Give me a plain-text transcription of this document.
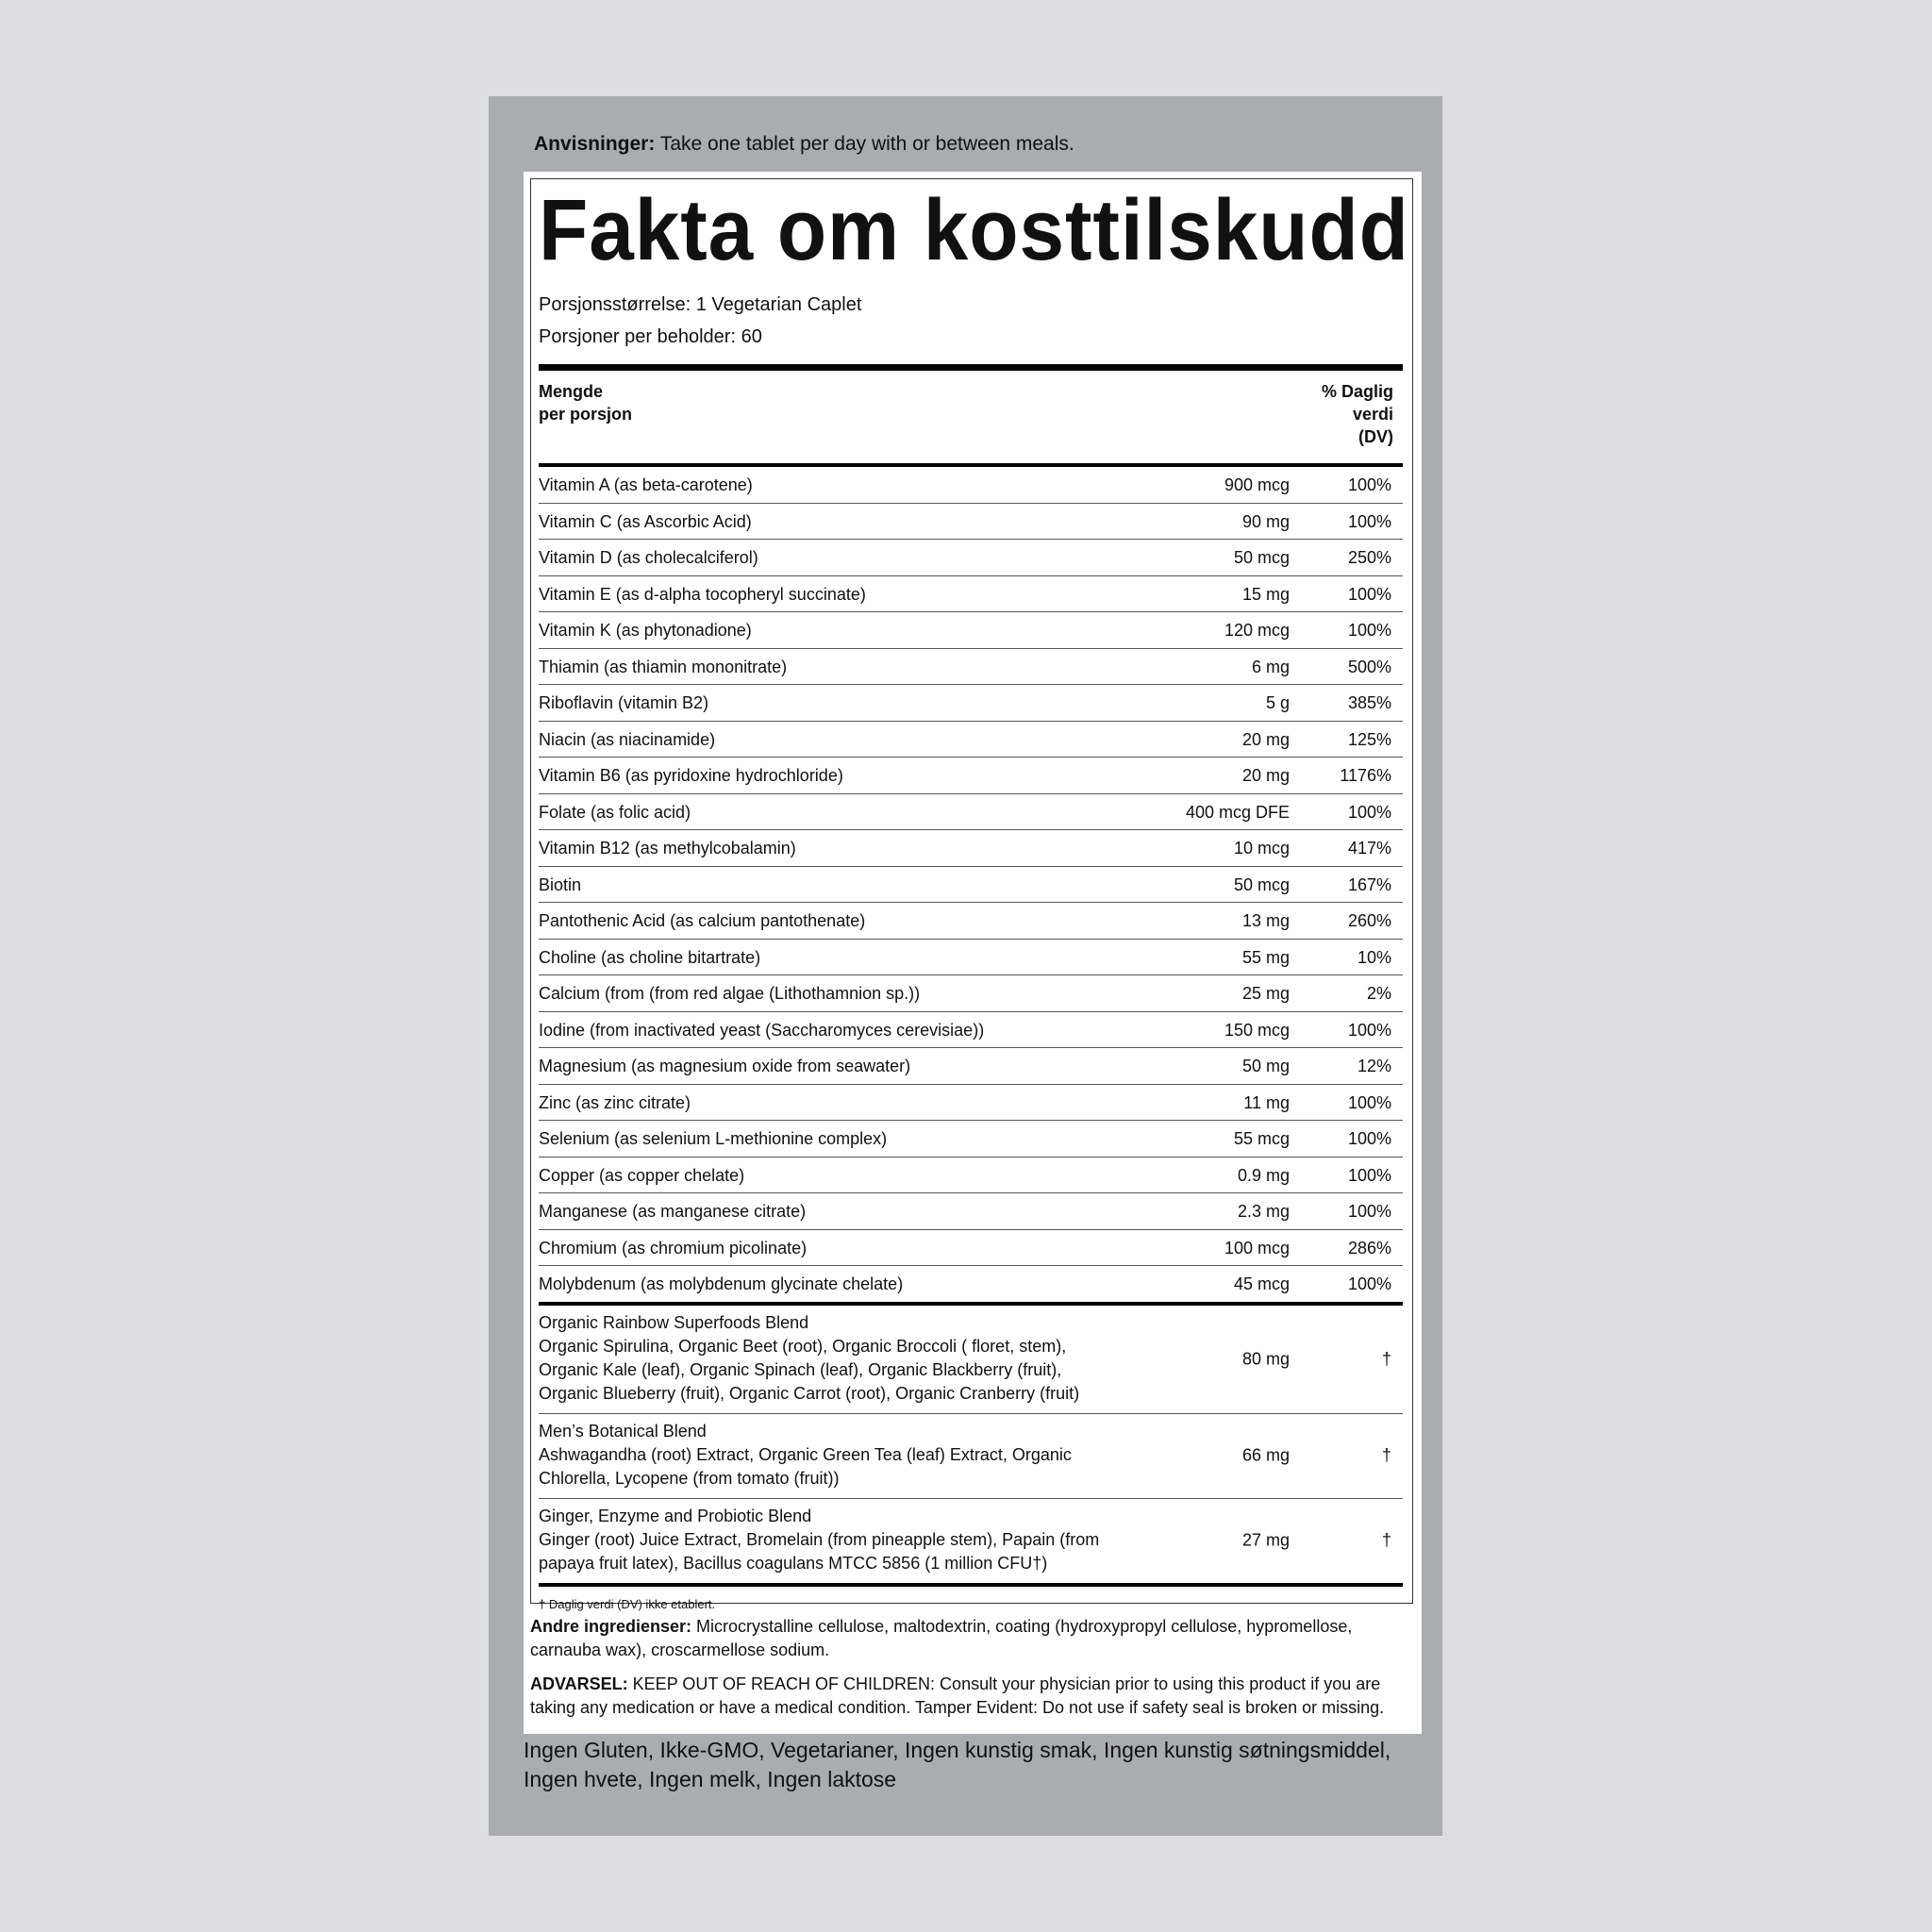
Anvisninger: Take one tablet per day with or between meals.
Fakta om kosttilskudd
Porsjonsstørrelse: 1 Vegetarian Caplet
Porsjoner per beholder: 60
Mengde
per porsjon
% Daglig
verdi
(DV)
Vitamin A (as beta-carotene)	900 mcg	100%
Vitamin C (as Ascorbic Acid)	90 mg	100%
Vitamin D (as cholecalciferol)	50 mcg	250%
Vitamin E (as d-alpha tocopheryl succinate)	15 mg	100%
Vitamin K (as phytonadione)	120 mcg	100%
Thiamin (as thiamin mononitrate)	6 mg	500%
Riboflavin (vitamin B2)	5 g	385%
Niacin (as niacinamide)	20 mg	125%
Vitamin B6 (as pyridoxine hydrochloride)	20 mg	1176%
Folate (as folic acid)	400 mcg DFE	100%
Vitamin B12 (as methylcobalamin)	10 mcg	417%
Biotin	50 mcg	167%
Pantothenic Acid (as calcium pantothenate)	13 mg	260%
Choline (as choline bitartrate)	55 mg	10%
Calcium (from (from red algae (Lithothamnion sp.))	25 mg	2%
Iodine (from inactivated yeast (Saccharomyces cerevisiae))	150 mcg	100%
Magnesium (as magnesium oxide from seawater)	50 mg	12%
Zinc (as zinc citrate)	11 mg	100%
Selenium (as selenium L-methionine complex)	55 mcg	100%
Copper (as copper chelate)	0.9 mg	100%
Manganese (as manganese citrate)	2.3 mg	100%
Chromium (as chromium picolinate)	100 mcg	286%
Molybdenum (as molybdenum glycinate chelate)	45 mcg	100%
Organic Rainbow Superfoods Blend
Organic Spirulina, Organic Beet (root), Organic Broccoli ( floret, stem), Organic Kale (leaf), Organic Spinach (leaf), Organic Blackberry (fruit), Organic Blueberry (fruit), Organic Carrot (root), Organic Cranberry (fruit)
80 mg	†
Men’s Botanical Blend
Ashwagandha (root) Extract, Organic Green Tea (leaf) Extract, Organic Chlorella, Lycopene (from tomato (fruit))
66 mg	†
Ginger, Enzyme and Probiotic Blend
Ginger (root) Juice Extract, Bromelain (from pineapple stem), Papain (from papaya fruit latex), Bacillus coagulans MTCC 5856 (1 million CFU†)
27 mg	†
† Daglig verdi (DV) ikke etablert.

Andre ingredienser: Microcrystalline cellulose, maltodextrin, coating (hydroxypropyl cellulose, hypromellose, carnauba wax), croscarmellose sodium.

ADVARSEL: KEEP OUT OF REACH OF CHILDREN: Consult your physician prior to using this product if you are taking any medication or have a medical condition. Tamper Evident: Do not use if safety seal is broken or missing.

Ingen Gluten, Ikke-GMO, Vegetarianer, Ingen kunstig smak, Ingen kunstig søtningsmiddel, Ingen hvete, Ingen melk, Ingen laktose
